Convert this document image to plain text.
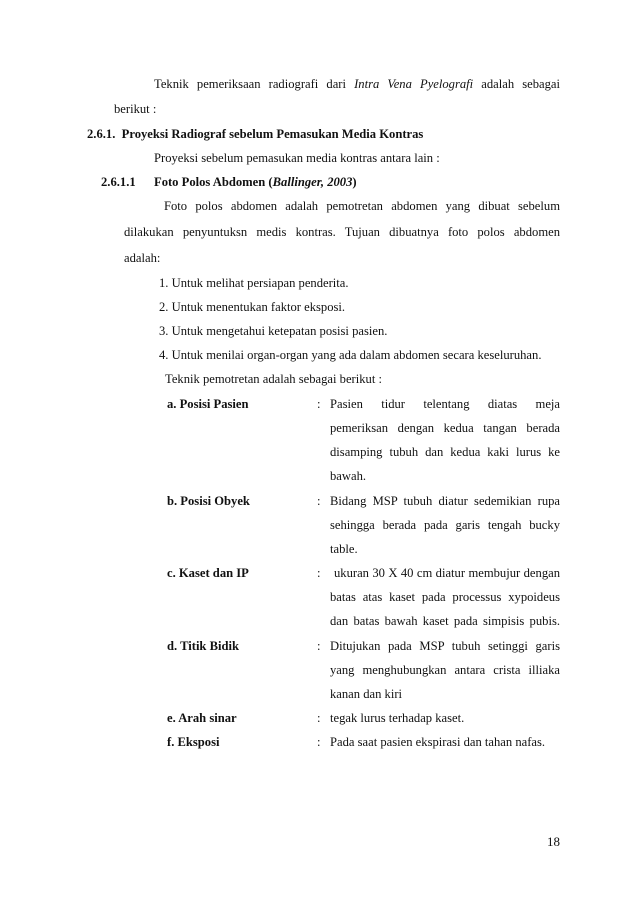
Teknik pemeriksaan radiografi dari Intra Vena Pyelografi adalah sebagai
berikut :
2.6.1. Proyeksi Radiograf sebelum Pemasukan Media Kontras
Proyeksi sebelum pemasukan media kontras antara lain :
2.6.1.1 Foto Polos Abdomen (Ballinger, 2003)
Foto polos abdomen adalah pemotretan abdomen yang dibuat sebelum
dilakukan penyuntuksn medis kontras. Tujuan dibuatnya foto polos abdomen
adalah:
1. Untuk melihat persiapan penderita.
2. Untuk menentukan faktor eksposi.
3. Untuk mengetahui ketepatan posisi pasien.
4. Untuk menilai organ-organ yang ada dalam abdomen secara keseluruhan.
Teknik pemotretan adalah sebagai berikut :
a. Posisi Pasien	: Pasien tidur telentang diatas meja
pemeriksan dengan kedua tangan berada
disamping tubuh dan kedua kaki lurus ke
bawah.
b. Posisi Obyek	: Bidang MSP tubuh diatur sedemikian rupa
sehingga berada pada garis tengah bucky
table.
c. Kaset dan IP	: ukuran 30 X 40 cm diatur membujur dengan
batas atas kaset pada processus xypoideus
dan batas bawah kaset pada simpisis pubis.
d. Titik Bidik	: Ditujukan pada MSP tubuh setinggi garis
yang menghubungkan antara crista illiaka
kanan dan kiri
e. Arah sinar	: tegak lurus terhadap kaset.
f. Eksposi	: Pada saat pasien ekspirasi dan tahan nafas.
18
